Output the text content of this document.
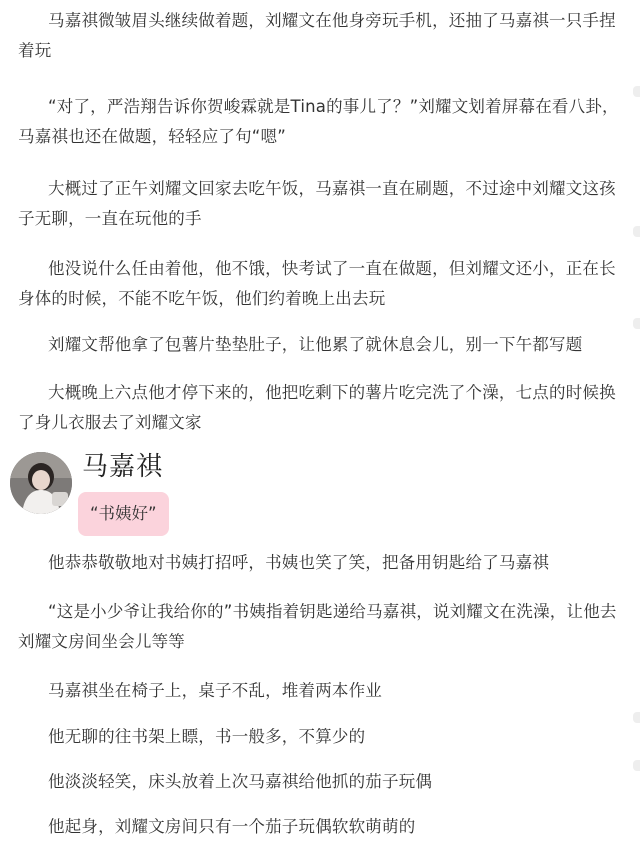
马嘉祺微皱眉头继续做着题，刘耀文在他身旁玩手机，还抽了马嘉祺一只手捏着玩

“对了，严浩翔告诉你贺峻霖就是Tina的事儿了？”刘耀文划着屏幕在看八卦，马嘉祺也还在做题，轻轻应了句“嗯”

大概过了正午刘耀文回家去吃午饭，马嘉祺一直在刷题，不过途中刘耀文这孩子无聊，一直在玩他的手

他没说什么任由着他，他不饿，快考试了一直在做题，但刘耀文还小，正在长身体的时候，不能不吃午饭，他们约着晚上出去玩

刘耀文帮他拿了包薯片垫垫肚子，让他累了就休息会儿，别一下午都写题

大概晚上六点他才停下来的，他把吃剩下的薯片吃完洗了个澡，七点的时候换了身儿衣服去了刘耀文家

马嘉祺
“书姨好”

他恭恭敬敬地对书姨打招呼，书姨也笑了笑，把备用钥匙给了马嘉祺

“这是小少爷让我给你的”书姨指着钥匙递给马嘉祺，说刘耀文在洗澡，让他去刘耀文房间坐会儿等等

马嘉祺坐在椅子上，桌子不乱，堆着两本作业

他无聊的往书架上瞟，书一般多，不算少的

他淡淡轻笑，床头放着上次马嘉祺给他抓的茄子玩偶

他起身，刘耀文房间只有一个茄子玩偶软软萌萌的
